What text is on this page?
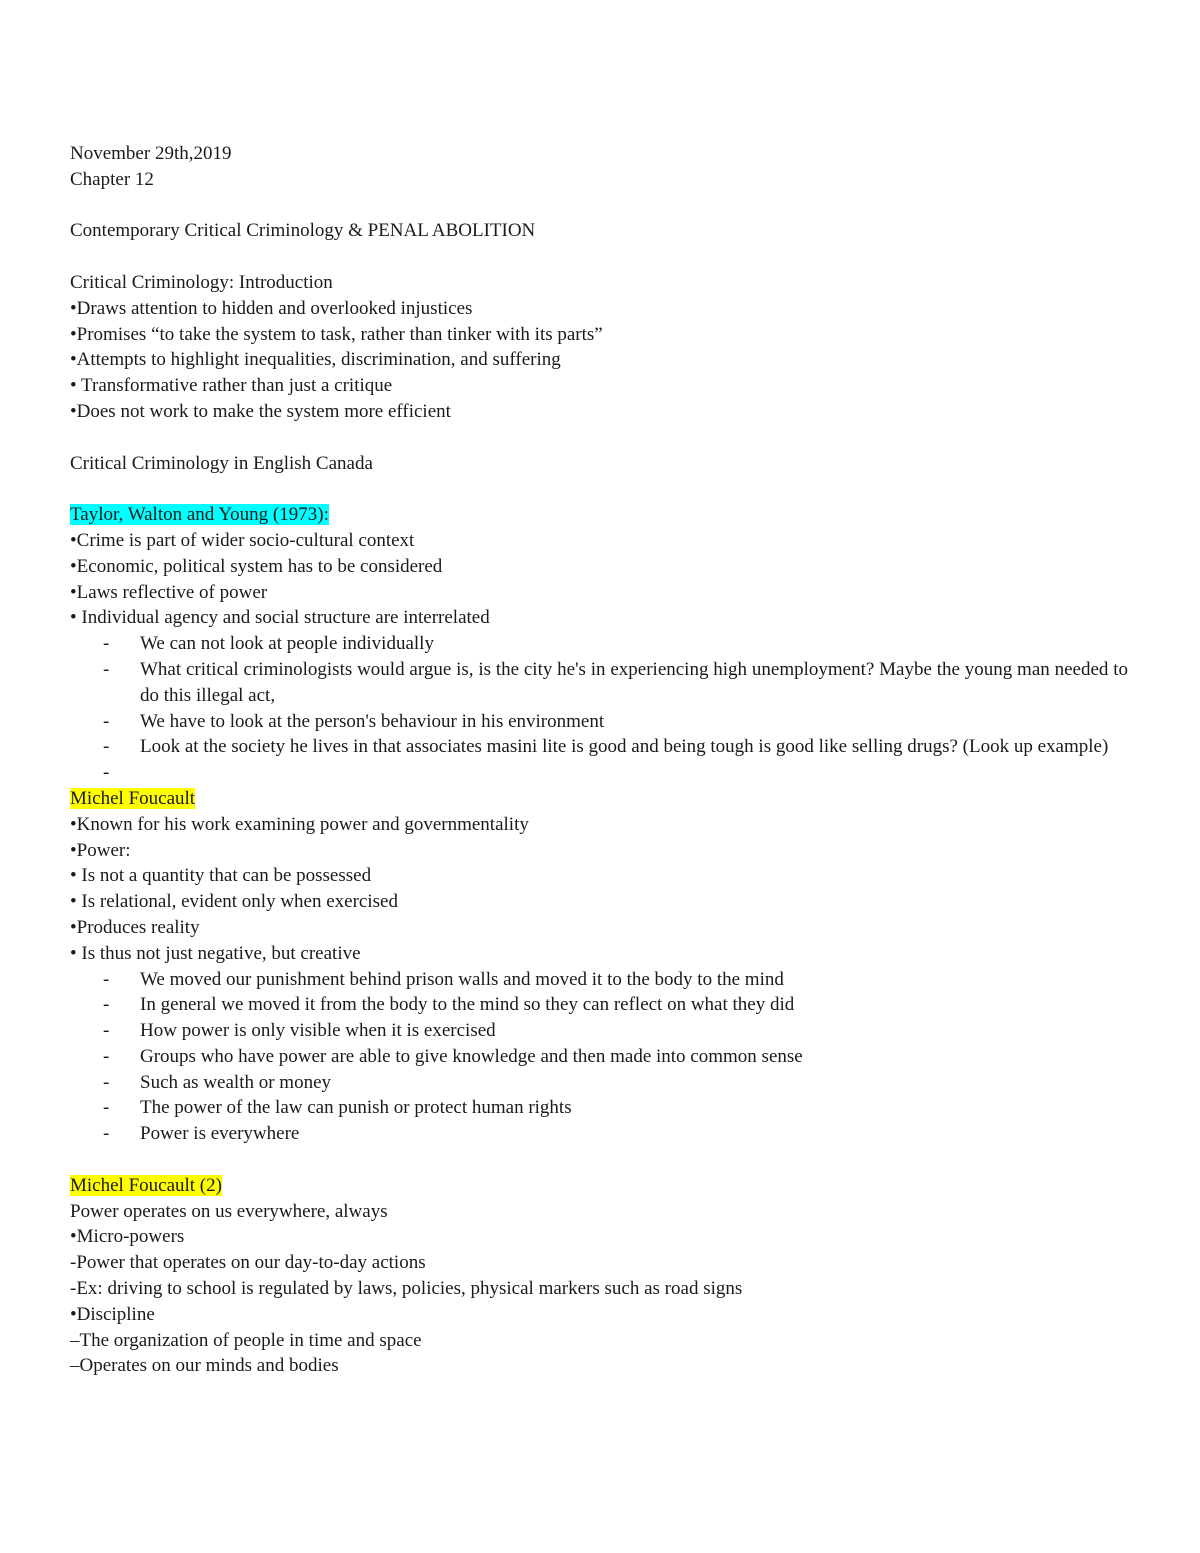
November 29th,2019
Chapter 12
Contemporary Critical Criminology & PENAL ABOLITION
Critical Criminology: Introduction
•Draws attention to hidden and overlooked injustices
•Promises “to take the system to task, rather than tinker with its parts”
•Attempts to highlight inequalities, discrimination, and suffering
• Transformative rather than just a critique
•Does not work to make the system more efficient
Critical Criminology in English Canada
Taylor, Walton and Young (1973):
•Crime is part of wider socio-cultural context
•Economic, political system has to be considered
•Laws reflective of power
• Individual agency and social structure are interrelated
-	We can not look at people individually
-	What critical criminologists would argue is, is the city he's in experiencing high unemployment? Maybe the young man needed to do this illegal act,
-	We have to look at the person's behaviour in his environment
-	Look at the society he lives in that associates masini lite is good and being tough is good like selling drugs? (Look up example)
-
Michel Foucault
•Known for his work examining power and governmentality
•Power:
• Is not a quantity that can be possessed
• Is relational, evident only when exercised
•Produces reality
• Is thus not just negative, but creative
-	We moved our punishment behind prison walls and moved it to the body to the mind
-	In general we moved it from the body to the mind so they can reflect on what they did
-	How power is only visible when it is exercised
-	Groups who have power are able to give knowledge and then made into common sense
-	Such as wealth or money
-	The power of the law can punish or protect human rights
-	Power is everywhere
Michel Foucault (2)
Power operates on us everywhere, always
•Micro-powers
-Power that operates on our day-to-day actions
-Ex: driving to school is regulated by laws, policies, physical markers such as road signs
•Discipline
–The organization of people in time and space
–Operates on our minds and bodies
